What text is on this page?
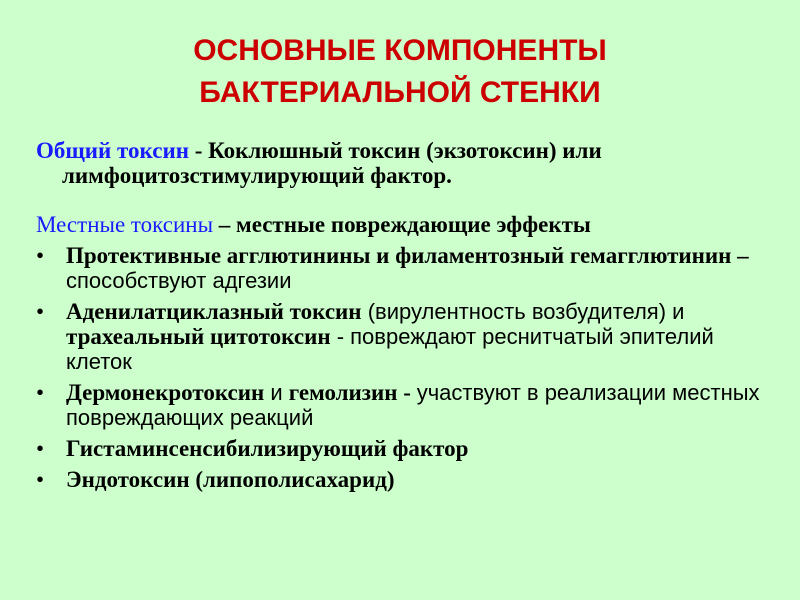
ОСНОВНЫЕ КОМПОНЕНТЫ
БАКТЕРИАЛЬНОЙ СТЕНКИ

Общий токсин - Коклюшный токсин (экзотоксин) или

лимфоцитозстимулирующий фактор.

Местные токсины – местные повреждающие эффекты

• Протективные агглютинины и филаментозный гемагглютинин – способствуют адгезии
• Аденилатциклазный токсин (вирулентность возбудителя) и трахеальный цитотоксин - повреждают реснитчатый эпителий клеток
• Дермонекротоксин и гемолизин - участвуют в реализации местных повреждающих реакций
• Гистаминсенсибилизирующий фактор
• Эндотоксин (липополисахарид)
